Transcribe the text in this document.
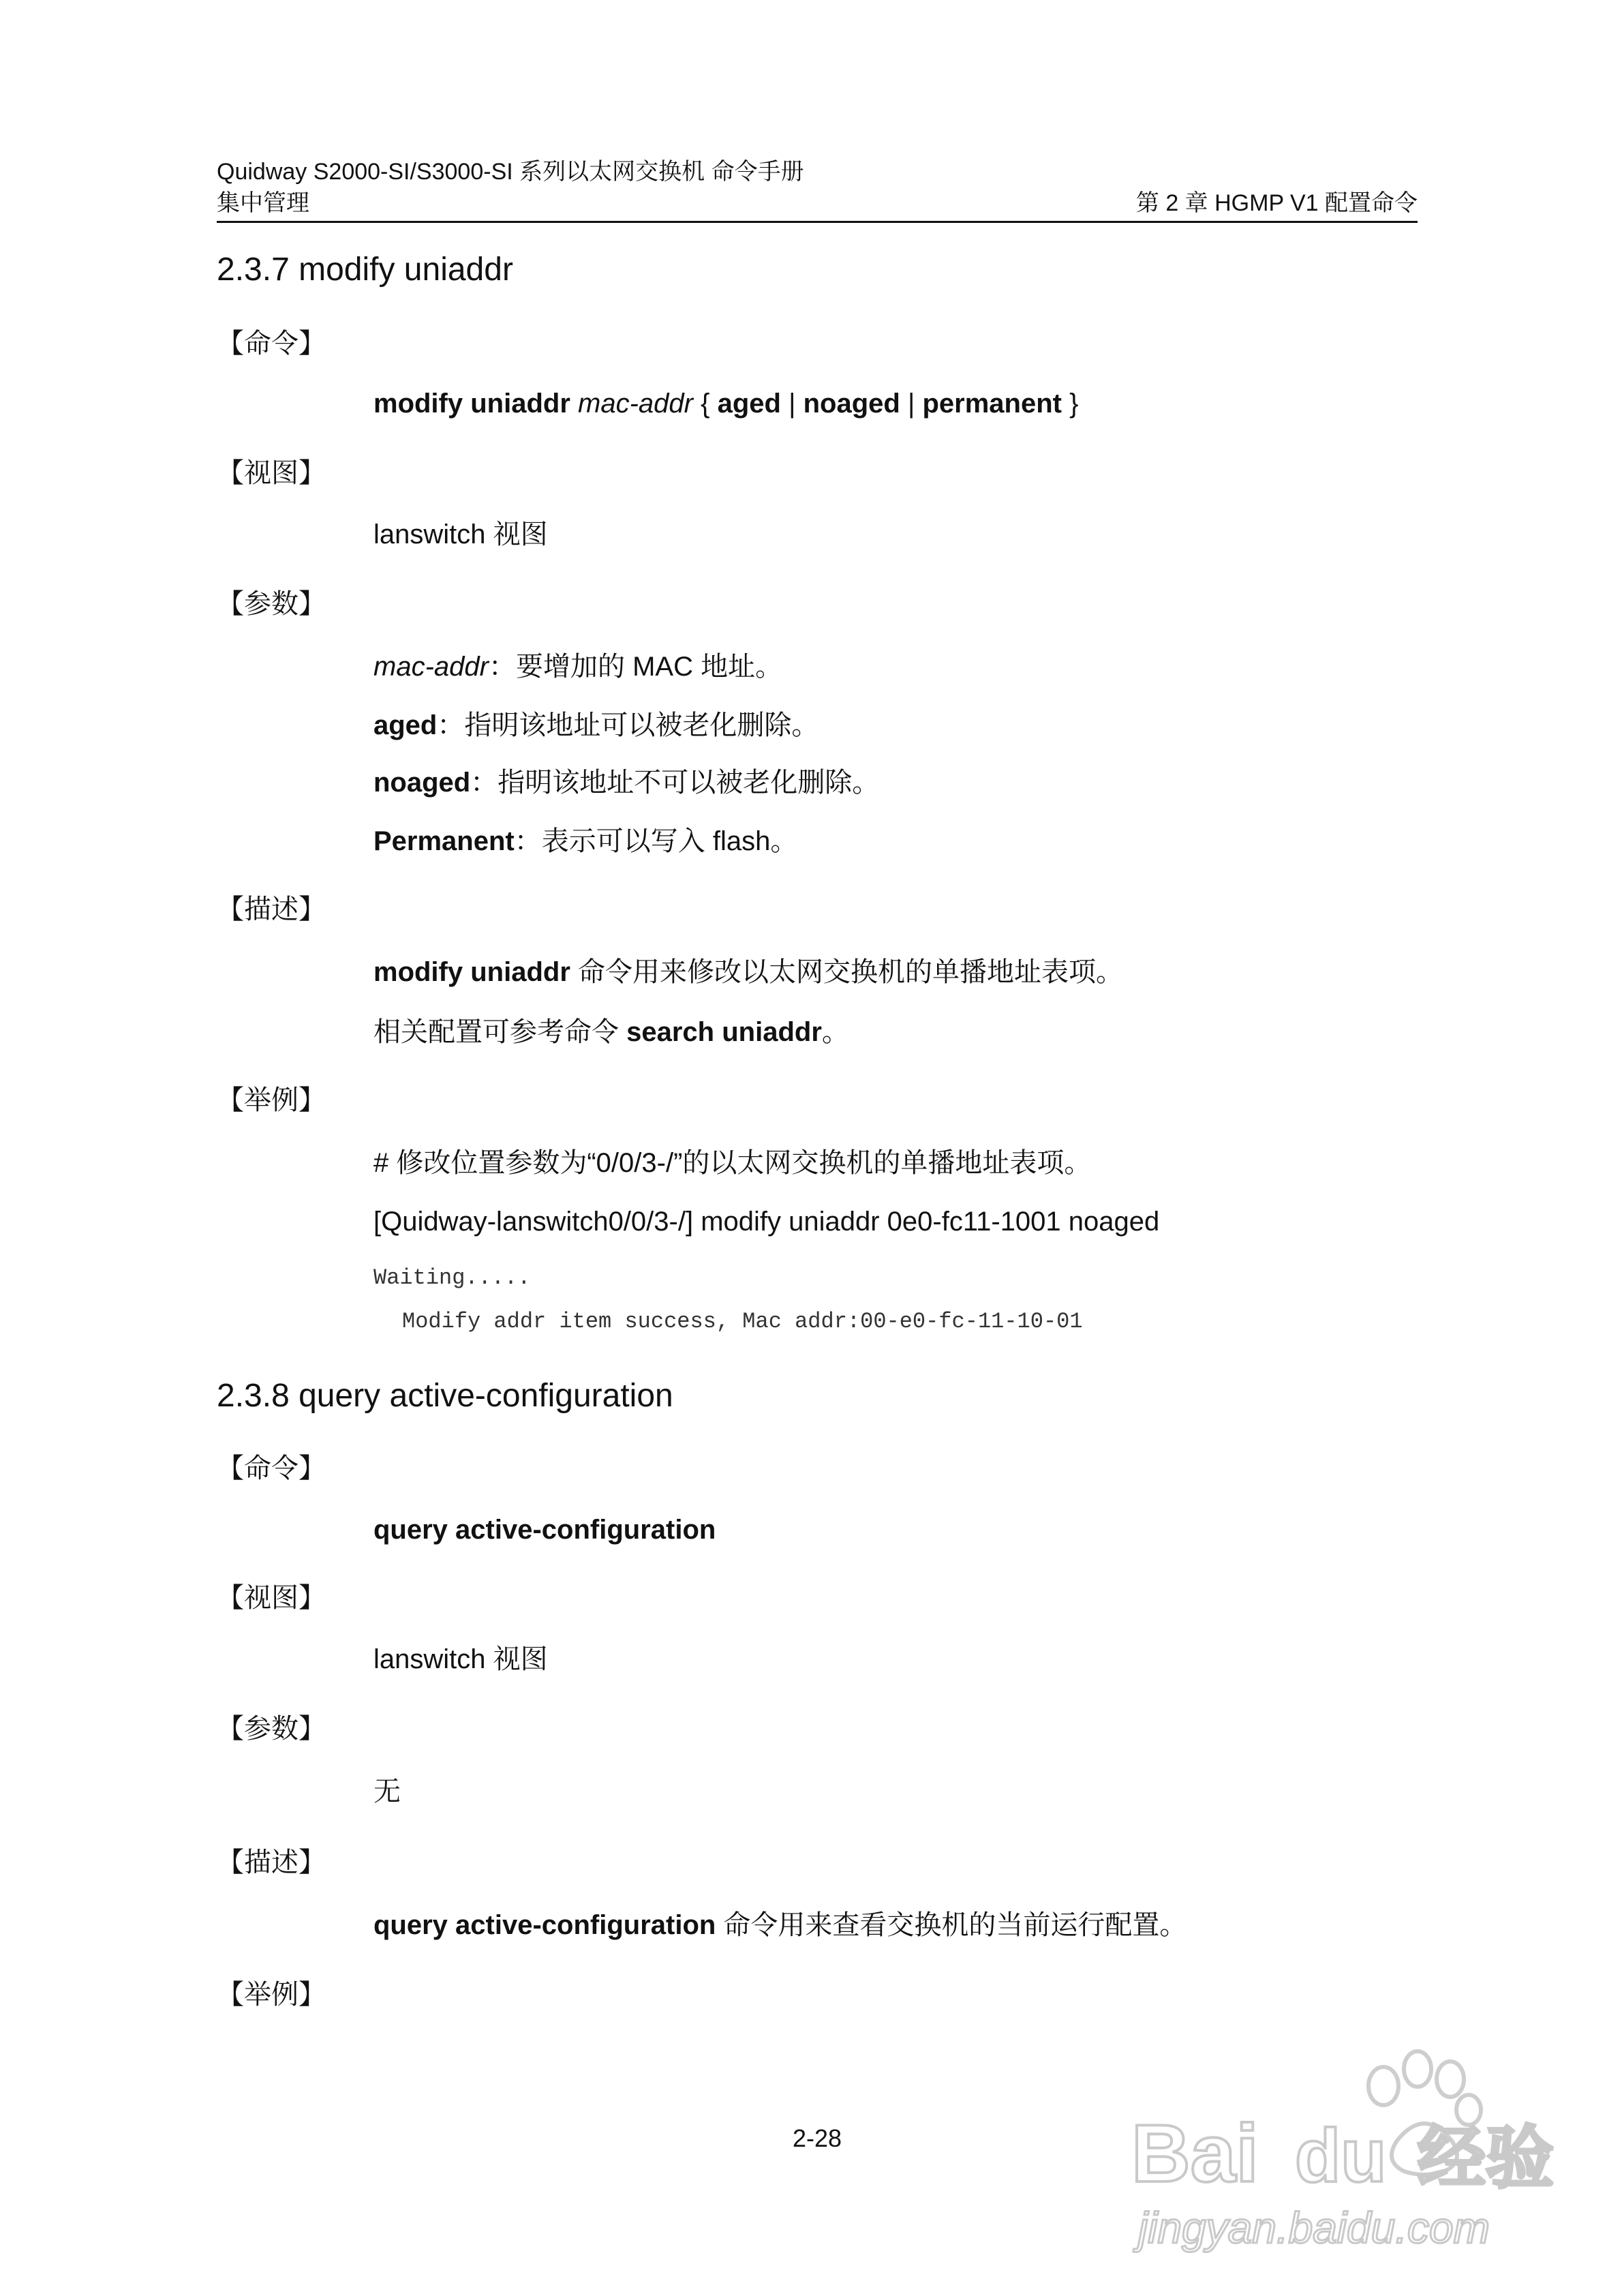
Quidway S2000-SI/S3000-SI 系列以太网交换机 命令手册
集中管理	第 2 章 HGMP V1 配置命令
2.3.7 modify uniaddr
【命令】
modify uniaddr mac-addr { aged | noaged | permanent }
【视图】
lanswitch 视图
【参数】
mac-addr：要增加的 MAC 地址。
aged：指明该地址可以被老化删除。
noaged：指明该地址不可以被老化删除。
Permanent：表示可以写入 flash。
【描述】
modify uniaddr 命令用来修改以太网交换机的单播地址表项。
相关配置可参考命令 search uniaddr。
【举例】
# 修改位置参数为“0/0/3-/”的以太网交换机的单播地址表项。
[Quidway-lanswitch0/0/3-/] modify uniaddr 0e0-fc11-1001 noaged
Waiting.....
Modify addr item success, Mac addr:00-e0-fc-11-10-01
2.3.8 query active-configuration
【命令】
query active-configuration
【视图】
lanswitch 视图
【参数】
无
【描述】
query active-configuration 命令用来查看交换机的当前运行配置。
【举例】
2-28	Bai du 经验
jingyan.baidu.com
